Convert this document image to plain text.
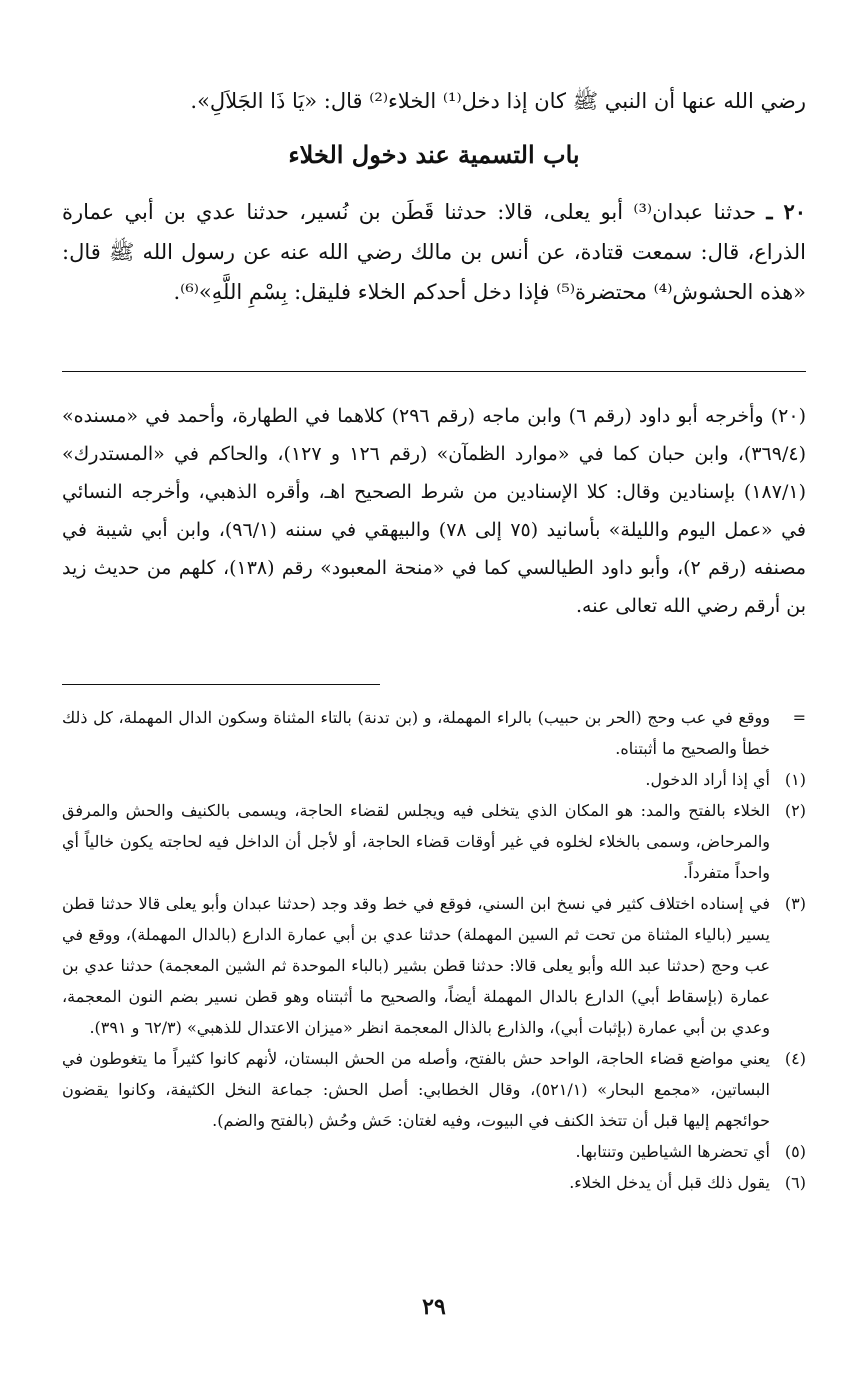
رضي الله عنها أن النبي ﷺ كان إذا دخل⁽¹⁾ الخلاء⁽²⁾ قال: «يَا ذَا الجَلاَلِ».
باب التسمية عند دخول الخلاء
٢٠ ـ حدثنا عبدان⁽³⁾ أبو يعلى، قالا: حدثنا قَطَن بن نُسير، حدثنا عدي بن أبي عمارة الذراع، قال: سمعت قتادة، عن أنس بن مالك رضي الله عنه عن رسول الله ﷺ قال: «هذه الحشوش⁽⁴⁾ محتضرة⁽⁵⁾ فإذا دخل أحدكم الخلاء فليقل: بِسْمِ اللَّهِ»⁽⁶⁾.
(٢٠) وأخرجه أبو داود (رقم ٦) وابن ماجه (رقم ٢٩٦) كلاهما في الطهارة، وأحمد في «مسنده» (٣٦٩/٤)، وابن حبان كما في «موارد الظمآن» (رقم ١٢٦ و ١٢٧)، والحاكم في «المستدرك» (١٨٧/١) بإسنادين وقال: كلا الإسنادين من شرط الصحيح اهـ، وأقره الذهبي، وأخرجه النسائي في «عمل اليوم والليلة» بأسانيد (٧٥ إلى ٧٨) والبيهقي في سننه (٩٦/١)، وابن أبي شيبة في مصنفه (رقم ٢)، وأبو داود الطيالسي كما في «منحة المعبود» رقم (١٣٨)، كلهم من حديث زيد بن أرقم رضي الله تعالى عنه.
=
ووقع في عب وحج (الحر بن حبيب) بالراء المهملة، و (بن تدنة) بالتاء المثناة وسكون الدال المهملة، كل ذلك خطأ والصحيح ما أثبتناه.
(١)
أي إذا أراد الدخول.
(٢)
الخلاء بالفتح والمد: هو المكان الذي يتخلى فيه ويجلس لقضاء الحاجة، ويسمى بالكنيف والحش والمرفق والمرحاض، وسمى بالخلاء لخلوه في غير أوقات قضاء الحاجة، أو لأجل أن الداخل فيه لحاجته يكون خالياً أي واحداً متفرداً.
(٣)
في إسناده اختلاف كثير في نسخ ابن السني، فوقع في خط وقد وجد (حدثنا عبدان وأبو يعلى قالا حدثنا قطن يسير (بالياء المثناة من تحت ثم السين المهملة) حدثنا عدي بن أبي عمارة الدارع (بالدال المهملة)، ووقع في عب وحج (حدثنا عبد الله وأبو يعلى قالا: حدثنا قطن بشير (بالباء الموحدة ثم الشين المعجمة) حدثنا عدي بن عمارة (بإسقاط أبي) الدارع بالدال المهملة أيضاً، والصحيح ما أثبتناه وهو قطن نسير بضم النون المعجمة، وعدي بن أبي عمارة (بإثبات أبي)، والذارع بالذال المعجمة انظر «ميزان الاعتدال للذهبي» (٦٢/٣ و ٣٩١).
(٤)
يعني مواضع قضاء الحاجة، الواحد حش بالفتح، وأصله من الحش البستان، لأنهم كانوا كثيراً ما يتغوطون في البساتين، «مجمع البحار» (٥٢١/١)، وقال الخطابي: أصل الحش: جماعة النخل الكثيفة، وكانوا يقضون حوائجهم إليها قبل أن تتخذ الكنف في البيوت، وفيه لغتان: حَش وحُش (بالفتح والضم).
(٥)
أي تحضرها الشياطين وتنتابها.
(٦)
يقول ذلك قبل أن يدخل الخلاء.
٢٩
